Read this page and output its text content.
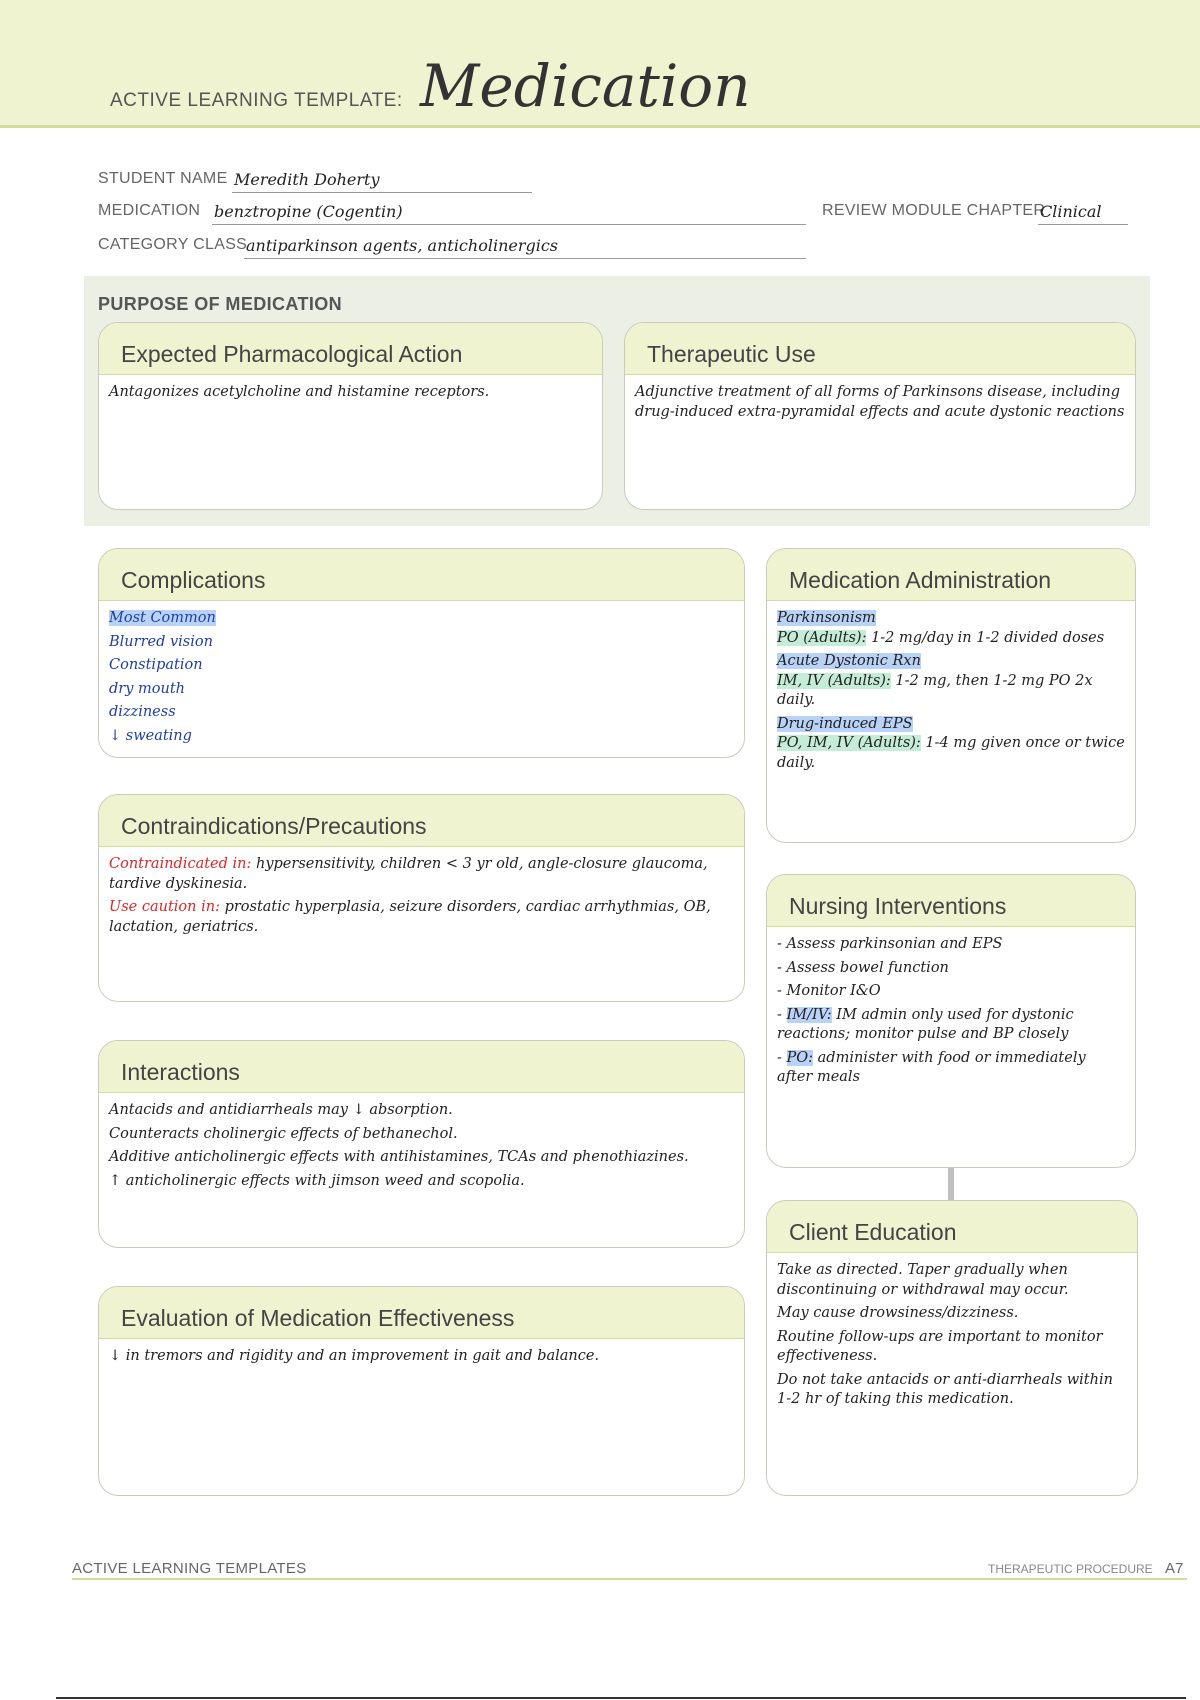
ACTIVE LEARNING TEMPLATE: Medication
STUDENT NAME Meredith Doherty
MEDICATION benztropine (Cogentin)	REVIEW MODULE CHAPTER
Clinical
CATEGORY CLASS
antiparkinson agents, anticholinergics
PURPOSE OF MEDICATION
Expected Pharmacological Action
Antagonizes acetylcholine and histamine receptors.
Therapeutic Use
Adjunctive treatment of all forms of Parkinsons disease, including drug-induced extra-pyramidal effects and acute dystonic reactions
Complications

Most Common

Blurred vision

Constipation

dry mouth

dizziness

↓ sweating

Contraindications/Precautions

Contraindicated in: hypersensitivity, children < 3 yr old, angle-closure glaucoma, tardive dyskinesia.

Use caution in: prostatic hyperplasia, seizure disorders, cardiac arrhythmias, OB, lactation, geriatrics.

Interactions

Antacids and antidiarrheals may ↓ absorption.

Counteracts cholinergic effects of bethanechol.

Additive anticholinergic effects with antihistamines, TCAs and phenothiazines.

↑ anticholinergic effects with jimson weed and scopolia.

Evaluation of Medication Effectiveness
↓ in tremors and rigidity and an improvement in gait and balance.
Medication Administration

Parkinsonism
PO (Adults): 1-2 mg/day in 1-2 divided doses

Acute Dystonic Rxn
IM, IV (Adults): 1-2 mg, then 1-2 mg PO 2x daily.

Drug-induced EPS
PO, IM, IV (Adults): 1-4 mg given once or twice daily.

Nursing Interventions

- Assess parkinsonian and EPS

- Assess bowel function

- Monitor I&O

- IM/IV: IM admin only used for dystonic reactions; monitor pulse and BP closely

- PO: administer with food or immediately after meals

Client Education

Take as directed. Taper gradually when discontinuing or withdrawal may occur.

May cause drowsiness/dizziness.

Routine follow-ups are important to monitor effectiveness.

Do not take antacids or anti-diarrheals within 1-2 hr of taking this medication.

ACTIVE LEARNING TEMPLATES	THERAPEUTIC PROCEDURE A7
